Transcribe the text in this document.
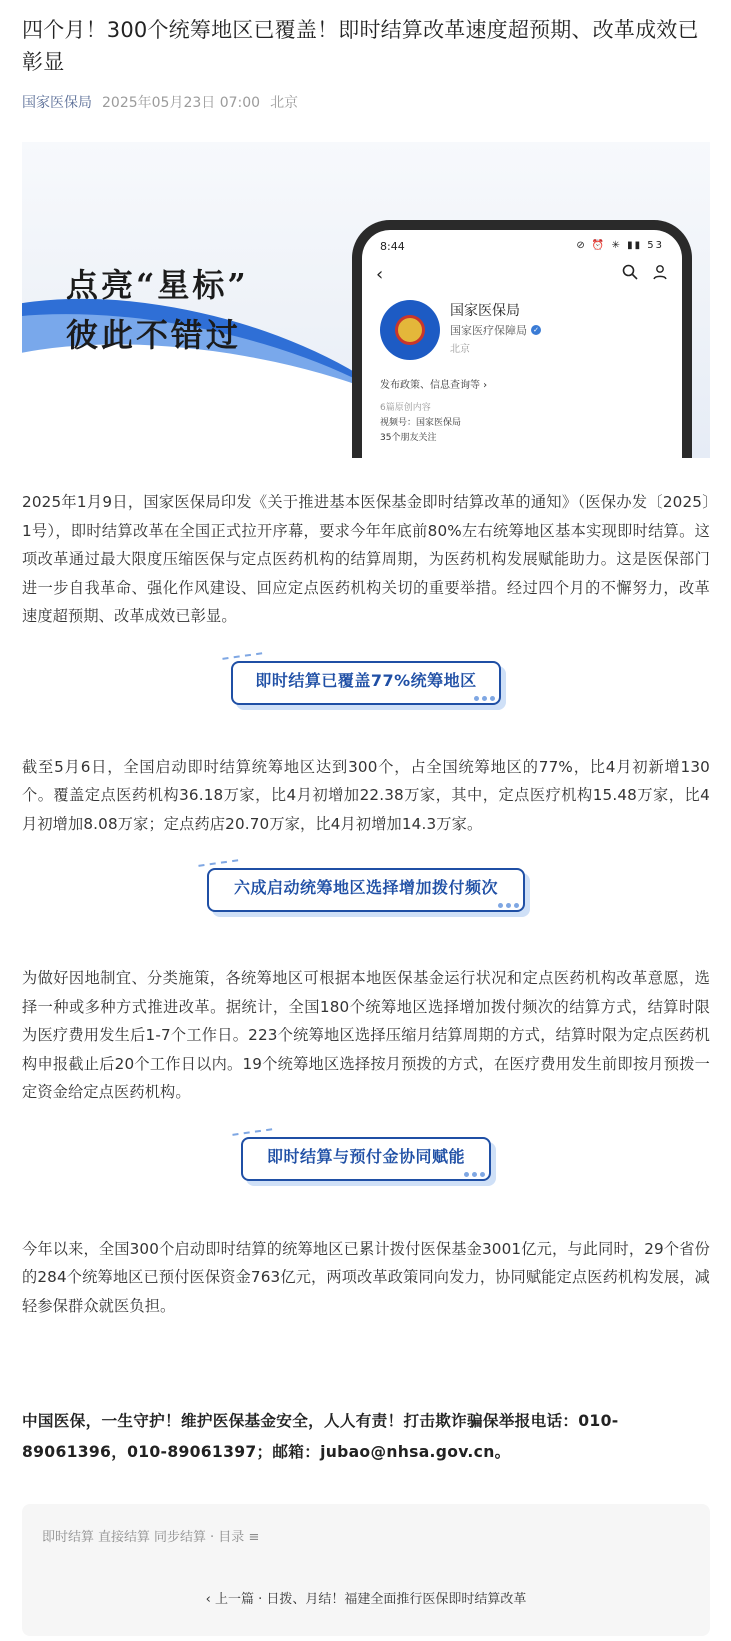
四个月！300个统筹地区已覆盖！即时结算改革速度超预期、改革成效已彰显
国家医保局 2025年05月23日 07:00 北京
点亮“星标”
彼此不错过
8:44	⊘ ⏰ ✳ ▮▮ 53
‹
国家医保局
国家医疗保障局 ✓
北京
发布政策、信息查询等 ›
6篇原创内容
视频号：国家医保局
35个朋友关注

2025年1月9日，国家医保局印发《关于推进基本医保基金即时结算改革的通知》（医保办发〔2025〕1号），即时结算改革在全国正式拉开序幕，要求今年年底前80%左右统筹地区基本实现即时结算。这项改革通过最大限度压缩医保与定点医药机构的结算周期，为医药机构发展赋能助力。这是医保部门进一步自我革命、强化作风建设、回应定点医药机构关切的重要举措。经过四个月的不懈努力，改革速度超预期、改革成效已彰显。

即时结算已覆盖77%统筹地区

截至5月6日，全国启动即时结算统筹地区达到300个，占全国统筹地区的77%，比4月初新增130个。覆盖定点医药机构36.18万家，比4月初增加22.38万家，其中，定点医疗机构15.48万家，比4月初增加8.08万家；定点药店20.70万家，比4月初增加14.3万家。

六成启动统筹地区选择增加拨付频次

为做好因地制宜、分类施策，各统筹地区可根据本地医保基金运行状况和定点医药机构改革意愿，选择一种或多种方式推进改革。据统计，全国180个统筹地区选择增加拨付频次的结算方式，结算时限为医疗费用发生后1-7个工作日。223个统筹地区选择压缩月结算周期的方式，结算时限为定点医药机构申报截止后20个工作日以内。19个统筹地区选择按月预拨的方式，在医疗费用发生前即按月预拨一定资金给定点医药机构。

即时结算与预付金协同赋能

今年以来，全国300个启动即时结算的统筹地区已累计拨付医保基金3001亿元，与此同时，29个省份的284个统筹地区已预付医保资金763亿元，两项改革政策同向发力，协同赋能定点医药机构发展，减轻参保群众就医负担。

中国医保，一生守护！维护医保基金安全，人人有责！打击欺诈骗保举报电话：010-89061396，010-89061397；邮箱：jubao@nhsa.gov.cn。

即时结算 直接结算 同步结算 · 目录 ≡
‹ 上一篇 · 日拨、月结！福建全面推行医保即时结算改革
